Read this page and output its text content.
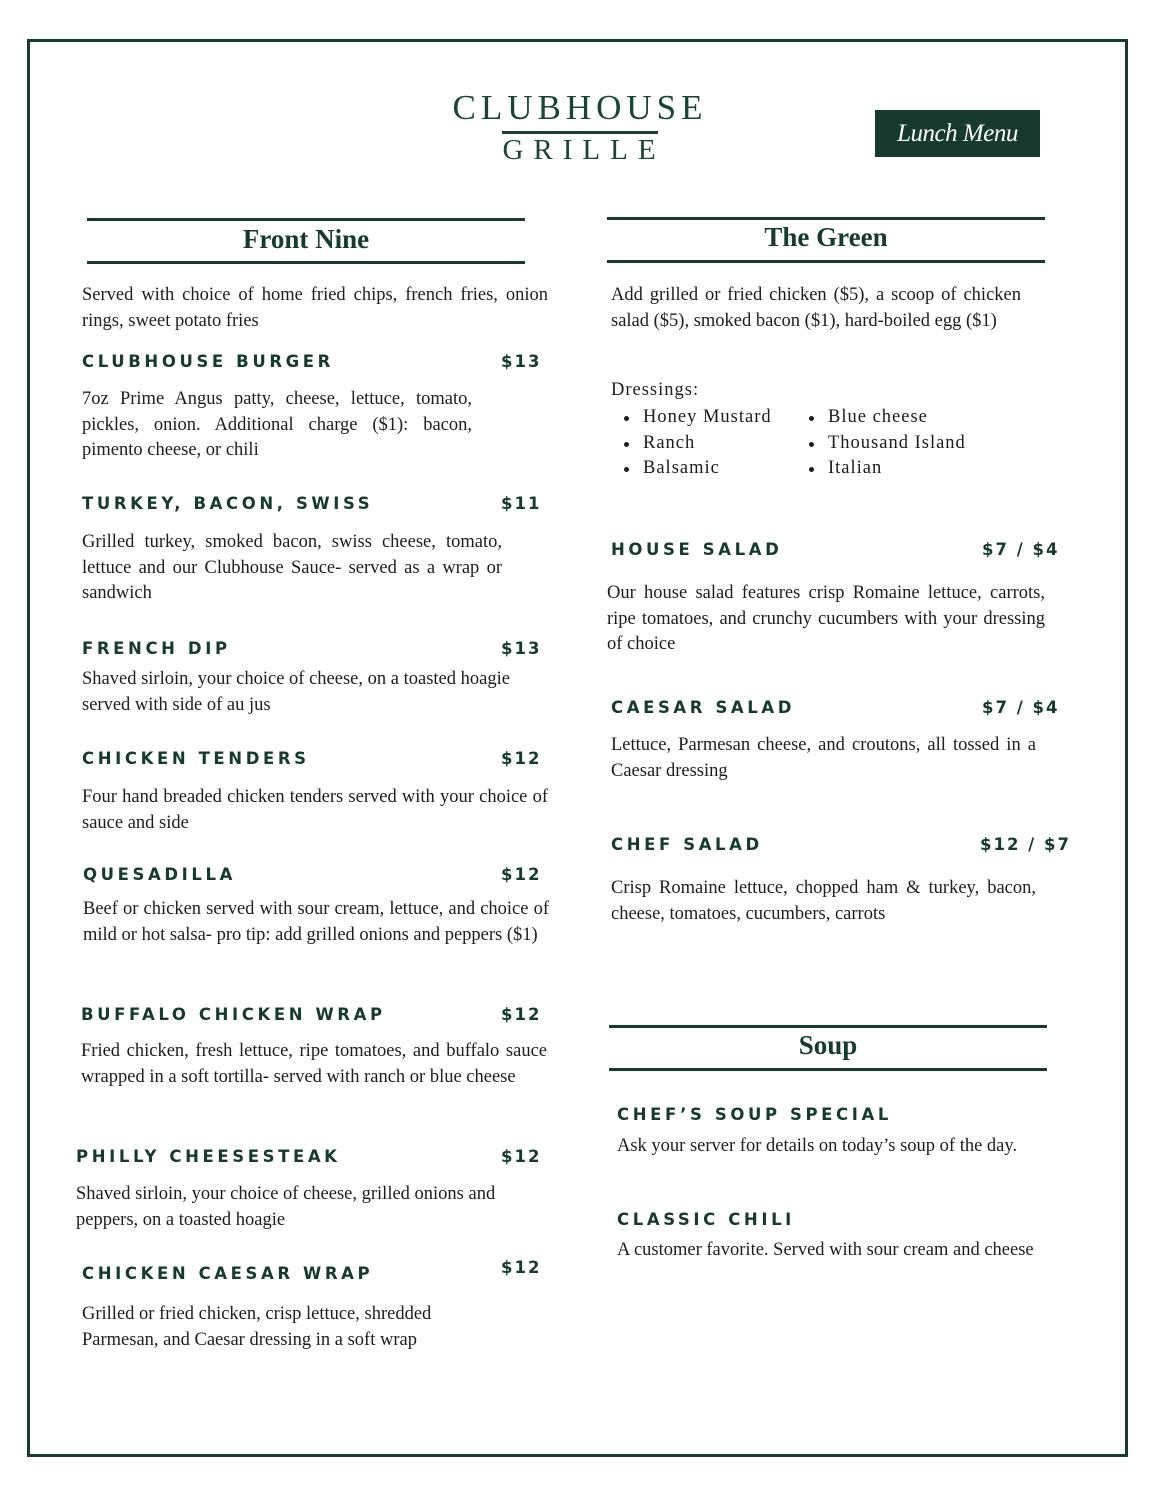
CLUBHOUSE
GRILLE
Lunch Menu
Front Nine
Served with choice of home fried chips, french fries, onion rings, sweet potato fries
CLUBHOUSE BURGER	$13
7oz Prime Angus patty, cheese, lettuce, tomato, pickles, onion. Additional charge ($1): bacon, pimento cheese, or chili
TURKEY, BACON, SWISS	$11
Grilled turkey, smoked bacon, swiss cheese, tomato, lettuce and our Clubhouse Sauce- served as a wrap or sandwich
FRENCH DIP	$13
Shaved sirloin, your choice of cheese, on a toasted hoagie served with side of au jus
CHICKEN TENDERS	$12
Four hand breaded chicken tenders served with your choice of sauce and side
QUESADILLA	$12
Beef or chicken served with sour cream, lettuce, and choice of mild or hot salsa- pro tip: add grilled onions and peppers ($1)
BUFFALO CHICKEN WRAP	$12
Fried chicken, fresh lettuce, ripe tomatoes, and buffalo sauce wrapped in a soft tortilla- served with ranch or blue cheese
PHILLY CHEESESTEAK	$12
Shaved sirloin, your choice of cheese, grilled onions and peppers, on a toasted hoagie
CHICKEN CAESAR WRAP	$12
Grilled or fried chicken, crisp lettuce, shredded Parmesan, and Caesar dressing in a soft wrap
The Green
Add grilled or fried chicken ($5), a scoop of chicken salad ($5), smoked bacon ($1), hard-boiled egg ($1)
Dressings:
Honey Mustard
Ranch
Balsamic
Blue cheese
Thousand Island
Italian
HOUSE SALAD	$7 / $4
Our house salad features crisp Romaine lettuce, carrots, ripe tomatoes, and crunchy cucumbers with your dressing of choice
CAESAR SALAD	$7 / $4
Lettuce, Parmesan cheese, and croutons, all tossed in a Caesar dressing
CHEF SALAD	$12 / $7
Crisp Romaine lettuce, chopped ham & turkey, bacon, cheese, tomatoes, cucumbers, carrots
Soup
CHEF’S SOUP SPECIAL
Ask your server for details on today’s soup of the day.
CLASSIC CHILI
A customer favorite. Served with sour cream and cheese
